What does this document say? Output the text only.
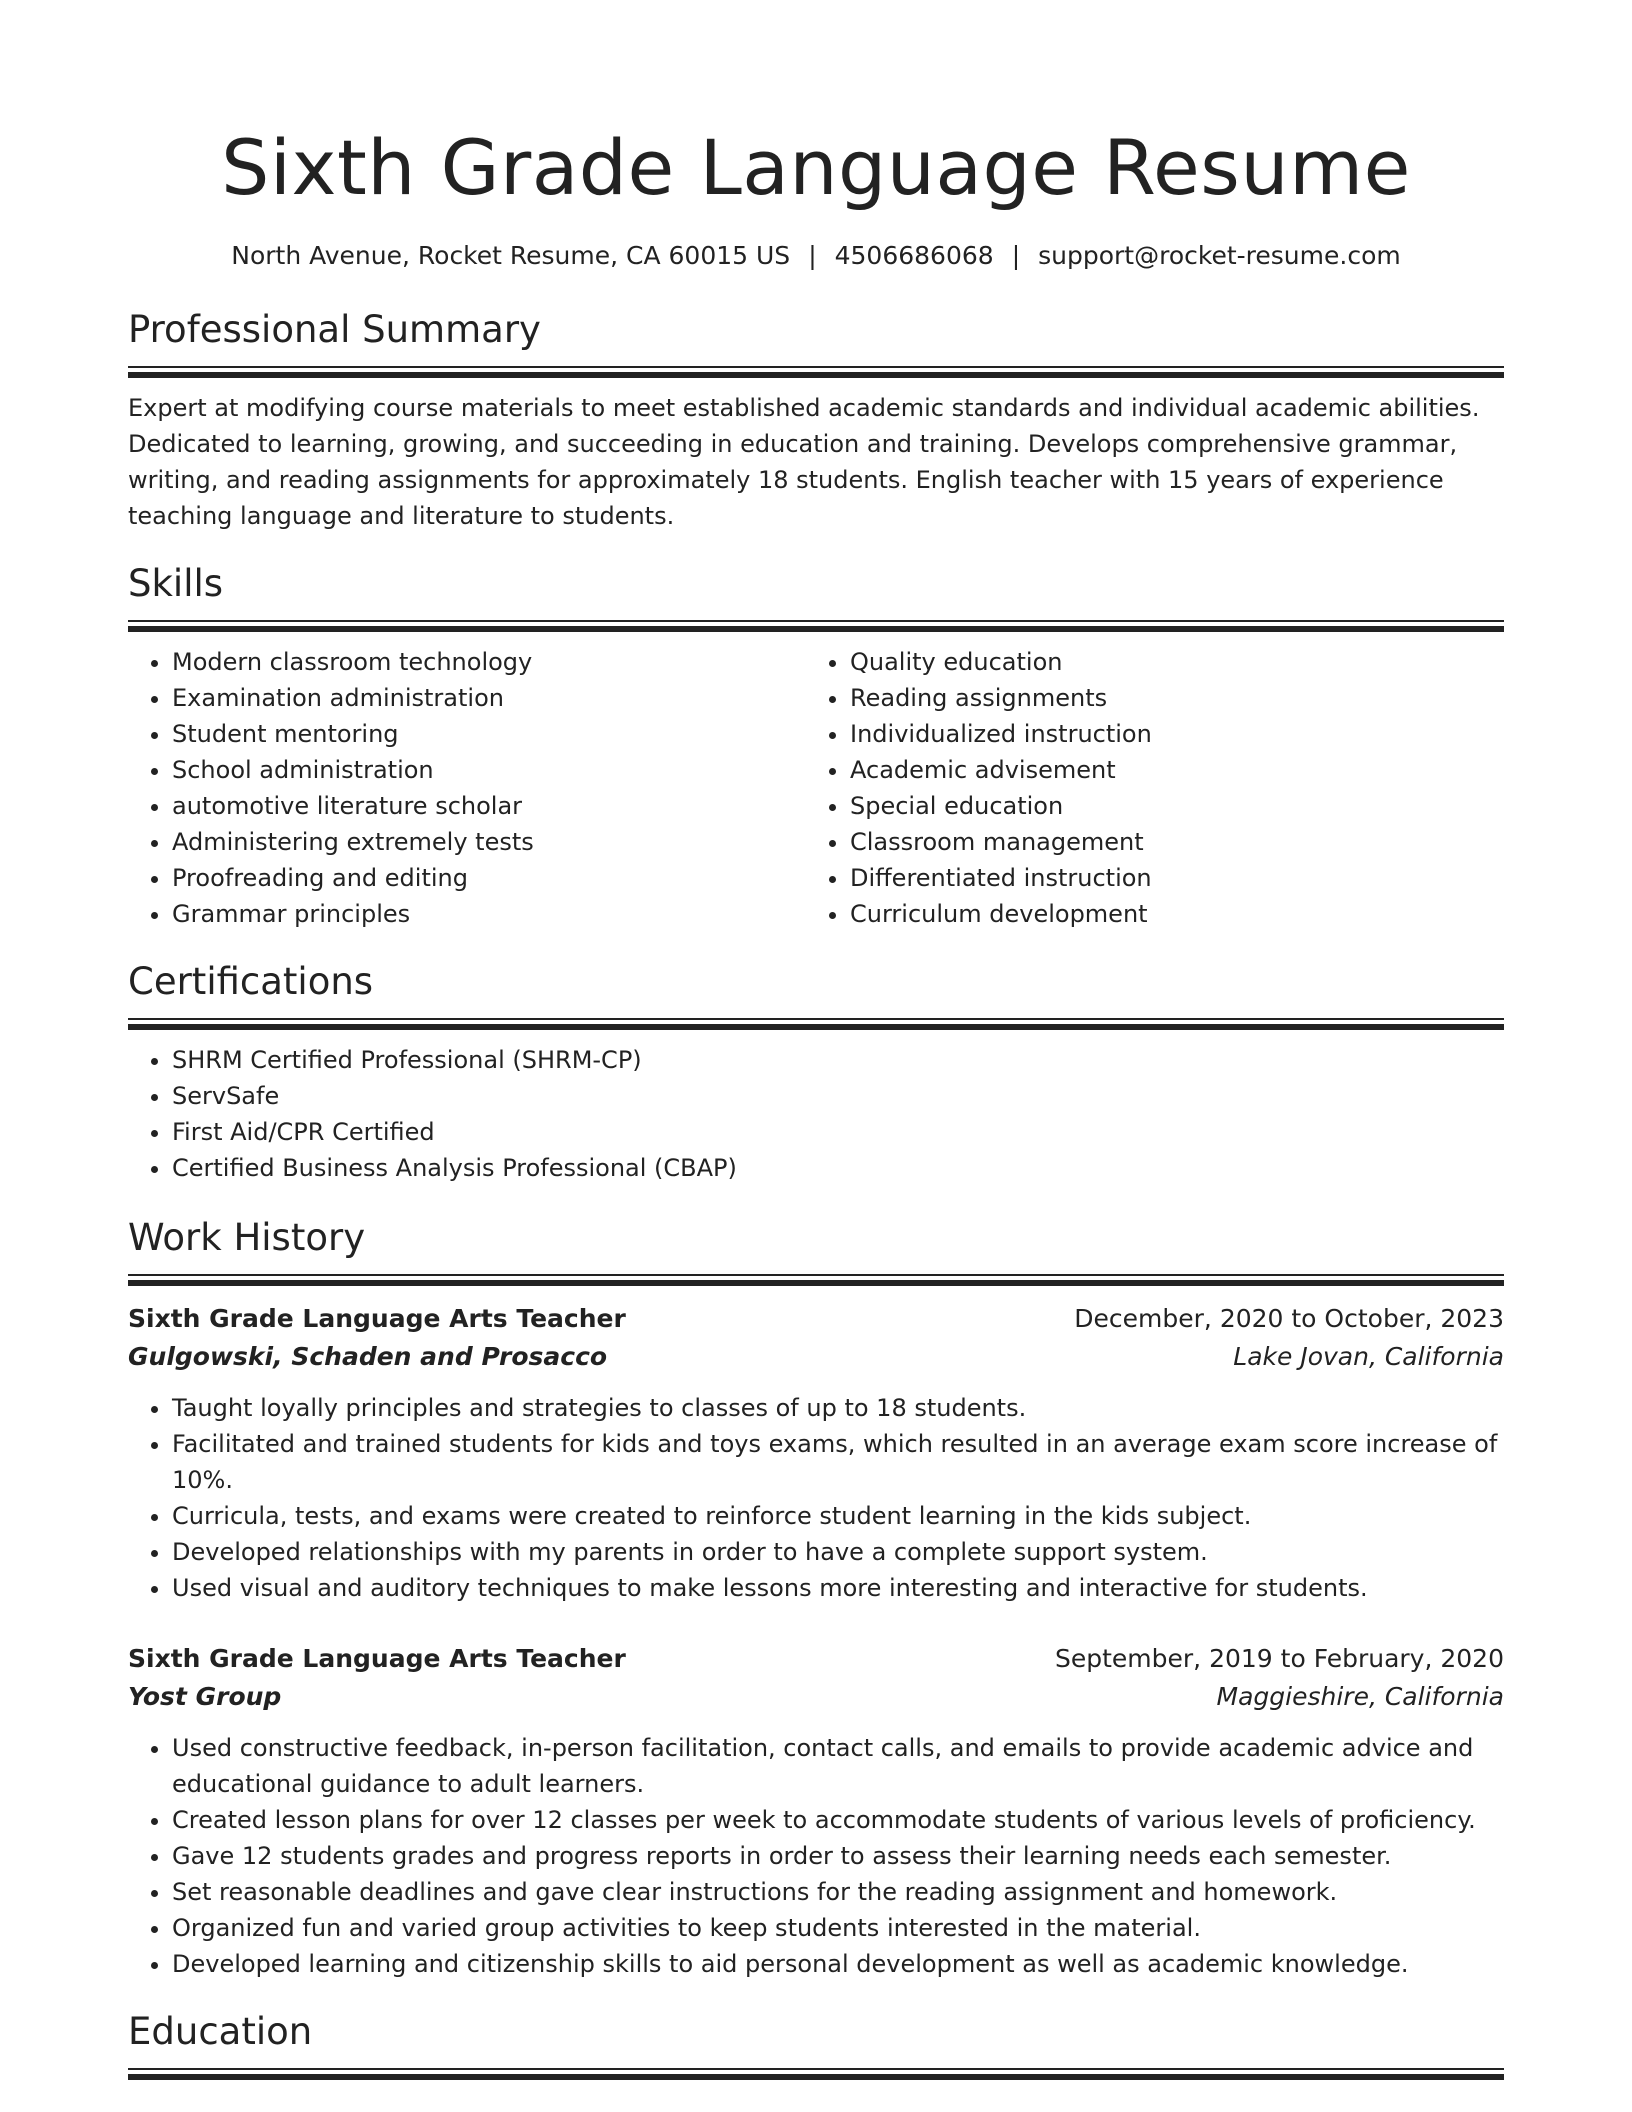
Sixth Grade Language Resume
North Avenue, Rocket Resume, CA 60015 US | 4506686068 | support@rocket-resume.com
Professional Summary

Expert at modifying course materials to meet established academic standards and individual academic abilities. Dedicated to learning, growing, and succeeding in education and training. Develops comprehensive grammar, writing, and reading assignments for approximately 18 students. English teacher with 15 years of experience teaching language and literature to students.

Skills
• Modern classroom technology
• Examination administration
• Student mentoring
• School administration
• automotive literature scholar
• Administering extremely tests
• Proofreading and editing
• Grammar principles
• Quality education
• Reading assignments
• Individualized instruction
• Academic advisement
• Special education
• Classroom management
• Differentiated instruction
• Curriculum development
Certifications
• SHRM Certified Professional (SHRM-CP)
• ServSafe
• First Aid/CPR Certified
• Certified Business Analysis Professional (CBAP)
Work History
Sixth Grade Language Arts Teacher	December, 2020 to October, 2023
Gulgowski, Schaden and Prosacco	Lake Jovan, California
• Taught loyally principles and strategies to classes of up to 18 students.
• Facilitated and trained students for kids and toys exams, which resulted in an average exam score increase of 10%.
• Curricula, tests, and exams were created to reinforce student learning in the kids subject.
• Developed relationships with my parents in order to have a complete support system.
• Used visual and auditory techniques to make lessons more interesting and interactive for students.
Sixth Grade Language Arts Teacher	September, 2019 to February, 2020
Yost Group	Maggieshire, California
• Used constructive feedback, in-person facilitation, contact calls, and emails to provide academic advice and educational guidance to adult learners.
• Created lesson plans for over 12 classes per week to accommodate students of various levels of proficiency.
• Gave 12 students grades and progress reports in order to assess their learning needs each semester.
• Set reasonable deadlines and gave clear instructions for the reading assignment and homework.
• Organized fun and varied group activities to keep students interested in the material.
• Developed learning and citizenship skills to aid personal development as well as academic knowledge.
Education
